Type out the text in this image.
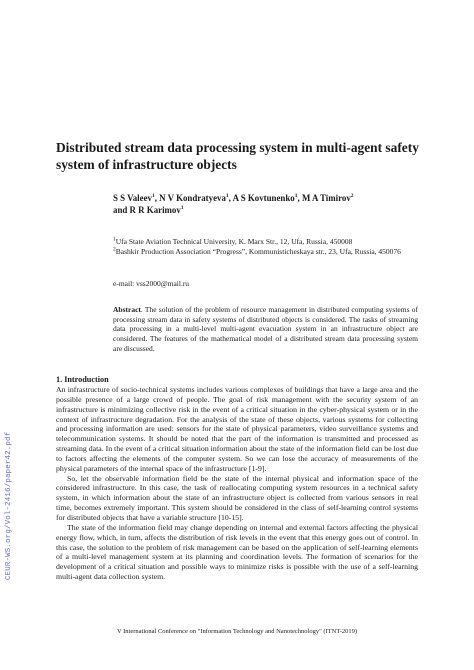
CEUR-WS.org/Vol-2416/paper42.pdf
Distributed stream data processing system in multi-agent safety system of infrastructure objects
S S Valeev$^1$, N V Kondratyeva$^1$, A S Kovtunenko$^1$, M A Timirov$^2$
and R R Karimov$^1$
$^1$Ufa State Aviation Technical University, K. Marx Str., 12, Ufa, Russia, 450008
$^2$Bashkir Production Association “Progress”, Kommunisticheskaya str., 23, Ufa, Russia, 450076
e-mail: vss2000@mail.ru

Abstract. The solution of the problem of resource management in distributed computing systems of processing stream data in safety systems of distributed objects is considered. The tasks of streaming data processing in a multi-level multi-agent evacuation system in an infrastructure object are considered. The features of the mathematical model of a distributed stream data processing system are discussed.

1. Introduction

An infrastructure of socio-technical systems includes various complexes of buildings that have a large area and the possible presence of a large crowd of people. The goal of risk management with the security system of an infrastructure is minimizing collective risk in the event of a critical situation in the cyber-physical system or in the context of infrastructure degradation. For the analysis of the state of these objects, various systems for collecting and processing information are used: sensors for the state of physical parameters, video surveillance systems and telecommunication systems. It should be noted that the part of the information is transmitted and processed as streaming data. In the event of a critical situation information about the state of the information field can be lost due to factors affecting the elements of the computer system. So we can lose the accuracy of measurements of the physical parameters of the internal space of the infrastructure [1-9].

So, let the observable information field be the state of the internal physical and information space of the considered infrastructure. In this case, the task of reallocating computing system resources in a technical safety system, in which information about the state of an infrastructure object is collected from various sensors in real time, becomes extremely important. This system should be considered in the class of self-learning control systems for distributed objects that have a variable structure [10-15].

The state of the information field may change depending on internal and external factors affecting the physical energy flow, which, in turn, affects the distribution of risk levels in the event that this energy goes out of control. In this case, the solution to the problem of risk management can be based on the application of self-learning elements of a multi-level management system at its planning and coordination levels. The formation of scenarios for the development of a critical situation and possible ways to minimize risks is possible with the use of a self-learning multi-agent data collection system.

V International Conference on "Information Technology and Nanotechnology" (ITNT-2019)
